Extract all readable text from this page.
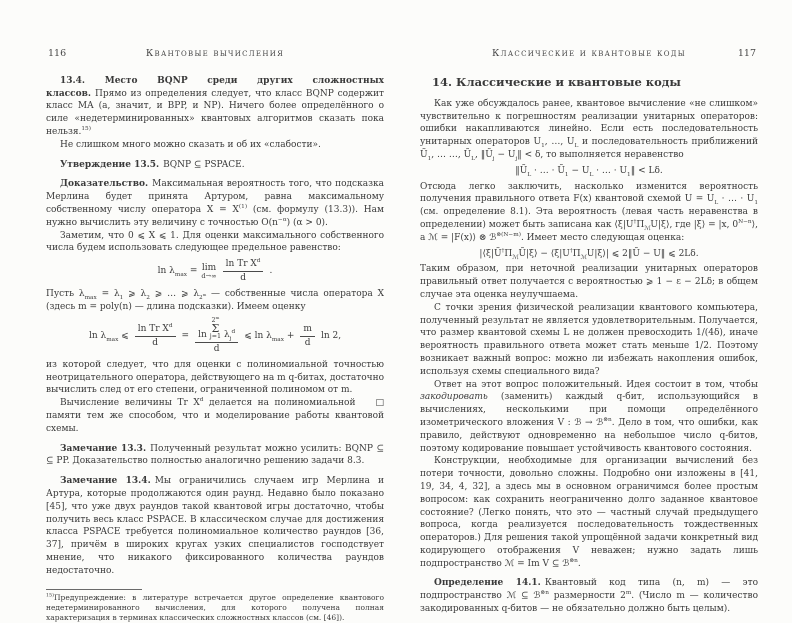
116	Квантовые вычисления

13.4. Место BQNP среди других сложностных классов. Прямо из определения следует, что класс BQNP содержит класс MA (а, значит, и BPP, и NP). Ничего более определённого о силе «недетерминированных» квантовых алгоритмов сказать пока нельзя.$^{15)}$

Не слишком много можно сказать и об их «слабости».

Утверждение 13.5. BQNP ⊆ PSPACE.

Доказательство. Максимальная вероятность того, что подсказка Мерлина будет принята Артуром, равна максимальному собственному числу оператора $X = X^{(1)}$ (см. формулу (13.3)). Нам нужно вычислить эту величину с точностью $O(n^{-\alpha}) (\alpha > 0)$.

Заметим, что 0 ⩽ X ⩽ 1. Для оценки максимального собственного числа будем использовать следующее предельное равенство:

$\ln \lambda_{max} = \lim$
$d\to\infty \frac{\ln Tr X^d}{d}$ .

Пусть $\lambda_{max} = \lambda_1$ ⩾ $\lambda_2$ ⩾ … ⩾ $\lambda_{2^m}$ — собственные числа оператора X (здесь m = poly(n) — длина подсказки). Имеем оценку

$\ln \lambda_{max}$ ⩽ $\frac{\ln Tr X^d}{d} = \ln$
2$^m$
Σ
j=1 $\lambda_j^d$
d
⩽ $\ln \lambda_{max} + \frac{m}{d}$ ln 2,

из которой следует, что для оценки с полиномиальной точностью неотрицательного оператора, действующего на m q-битах, достаточно вычислить след от его степени, ограниченной полиномом от m.

□
Вычисление величины Tr $X^d$ делается на полиномиальной памяти тем же способом, что и моделирование работы квантовой схемы.

Замечание 13.3. Полученный результат можно усилить: BQNP ⊆ ⊆ PP. Доказательство полностью аналогично решению задачи 8.3.

Замечание 13.4. Мы ограничились случаем игр Мерлина и Артура, которые продолжаются один раунд. Недавно было показано [45], что уже двух раундов такой квантовой игры достаточно, чтобы получить весь класс PSPACE. В классическом случае для достижения класса PSPACE требуется полиномиальное количество раундов [36, 37], причём в широких кругах узких специалистов господствует мнение, что никакого фиксированного количества раундов недостаточно.

$^{15)}$Предупреждение: в литературе встречается другое определение квантового недетерминированного вычисления, для которого получена полная характеризация в терминах классических сложностных классов (см. [46]).

Классические и квантовые коды	117
14. Классические и квантовые коды

Как уже обсуждалось ранее, квантовое вычисление «не слишком» чувствительно к погрешностям реализации унитарных операторов: ошибки накапливаются линейно. Если есть последовательность унитарных операторов $U_1$, …, $U_L$ и последовательность приближений $Ũ_1$, … …, $Ũ_L$, $‖Ũ_j$ − $U_j‖ < \delta$, то выполняется неравенство

$‖Ũ_L$ · … · $Ũ_1 - U_L$ · … · $U_1‖ < L\delta$.

Отсюда легко заключить, насколько изменится вероятность получения правильного ответа F(x) квантовой схемой $U = U_L$ · … · $U_1$ (см. определение 8.1). Эта вероятность (левая часть неравенства в определении) может быть записана как $⟨\xi|U^\dagger\Pi_ℳU|\xi⟩$, где |ξ⟩ = |x, $0^{N-n}⟩$, а ℳ = |F(x)⟩ ⊗ ℬ$^{\otimes(N-m)}$. Имеет место следующая оценка:

$|⟨\xi|Ũ^\dagger\Pi_ℳŨ|\xi⟩$ − $⟨\xi|U^\dagger\Pi_ℳU|\xi⟩|$ ⩽ 2‖Ũ − U‖ ⩽ 2Lδ.

Таким образом, при неточной реализации унитарных операторов правильный ответ получается с вероятностью ⩾ 1 − ε − 2Lδ; в общем случае эта оценка неулучшаема.

С точки зрения физической реализации квантового компьютера, полученный результат не является удовлетворительным. Получается, что размер квантовой схемы L не должен превосходить 1/(4δ), иначе вероятность правильного ответа может стать меньше 1/2. Поэтому возникает важный вопрос: можно ли избежать накопления ошибок, используя схемы специального вида?

Ответ на этот вопрос положительный. Идея состоит в том, чтобы закодировать (заменить) каждый q-бит, использующийся в вычислениях, несколькими при помощи определённого изометрического вложения V : ℬ → ℬ$^{\otimes n}$. Дело в том, что ошибки, как правило, действуют одновременно на небольшое число q-битов, поэтому кодирование повышает устойчивость квантового состояния.

Конструкции, необходимые для организации вычислений без потери точности, довольно сложны. Подробно они изложены в [41, 19, 34, 4, 32], а здесь мы в основном ограничимся более простым вопросом: как сохранить неограниченно долго заданное квантовое состояние? (Легко понять, что это — частный случай предыдущего вопроса, когда реализуется последовательность тождественных операторов.) Для решения такой упрощённой задачи конкретный вид кодирующего отображения V неважен; нужно задать лишь подпространство ℳ = Im V ⊆ ℬ$^{\otimes n}$.

Определение 14.1. Квантовый код типа (n, m) — это подпространство ℳ ⊆ ℬ$^{\otimes n}$ размерности 2$^m$. (Число m — количество закодированных q-битов — не обязательно должно быть целым).
